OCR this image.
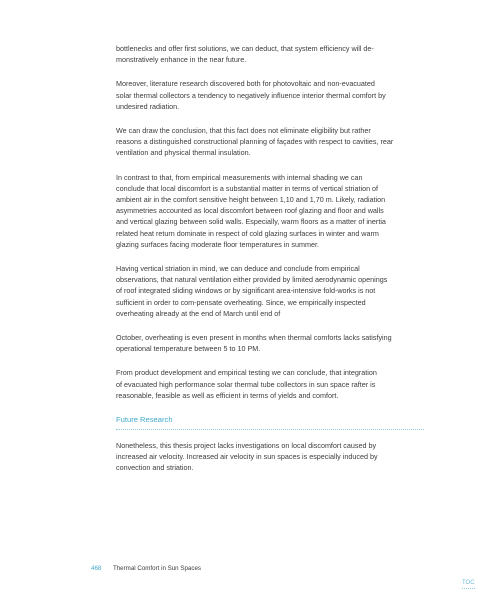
bottlenecks and offer first solutions, we can deduct, that system efficiency will de-
monstratively enhance in the near future.

Moreover, literature research discovered both for photovoltaic and non-evacuated
solar thermal collectors a tendency to negatively influence interior thermal comfort by
undesired radiation.

We can draw the conclusion, that this fact does not eliminate eligibility but rather
reasons a distinguished constructional planning of façades with respect to cavities, rear
ventilation and physical thermal insulation.

In contrast to that, from empirical measurements with internal shading we can
conclude that local discomfort is a substantial matter in terms of vertical striation of
ambient air in the comfort sensitive height between 1,10 and 1,70 m. Likely, radiation
asymmetries accounted as local discomfort between roof glazing and floor and walls
and vertical glazing between solid walls. Especially, warm floors as a matter of inertia
related heat return dominate in respect of cold glazing surfaces in winter and warm
glazing surfaces facing moderate floor temperatures in summer.

Having vertical striation in mind, we can deduce and conclude from empirical
observations, that natural ventilation either provided by limited aerodynamic openings
of roof integrated sliding windows or by significant area-intensive fold-works is not
sufficient in order to com-pensate overheating. Since, we empirically inspected
overheating already at the end of March until end of

October, overheating is even present in months when thermal comforts lacks satisfying
operational temperature between 5 to 10 PM.

From product development and empirical testing we can conclude, that integration
of evacuated high performance solar thermal tube collectors in sun space rafter is
reasonable, feasible as well as efficient in terms of yields and comfort.

Future Research

Nonetheless, this thesis project lacks investigations on local discomfort caused by
increased air velocity. Increased air velocity in sun spaces is especially induced by
convection and striation.

468 Thermal Comfort in Sun Spaces
TOC
